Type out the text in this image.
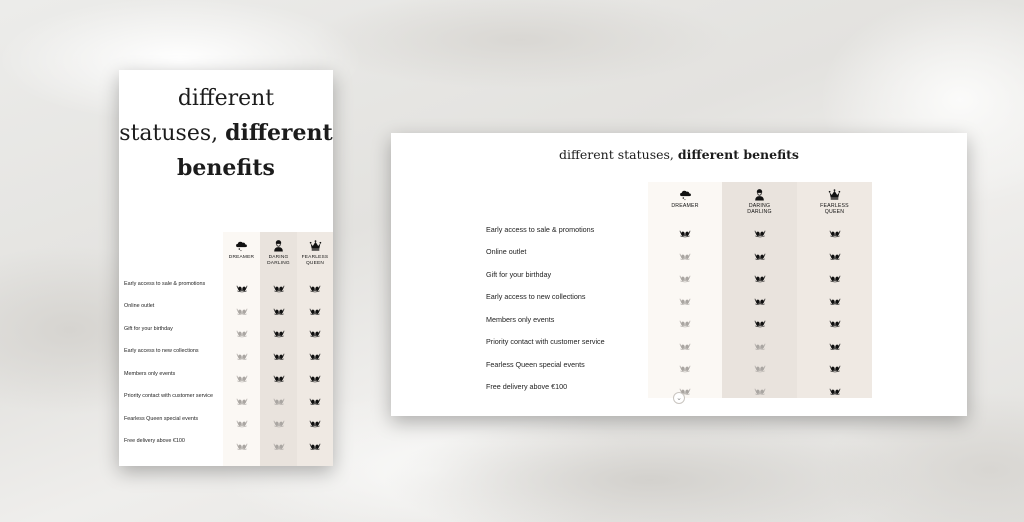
different
statuses, different
benefits
DREAMER	DARING
DARLING
FEARLESS
QUEEN
Early access to sale & promotions
Online outlet
Gift for your birthday
Early access to new collections
Members only events
Priority contact with customer service
Fearless Queen special events
Free delivery above €100
different statuses, different benefits
DREAMER	DARING
DARLING
FEARLESS
QUEEN
Early access to sale & promotions
Online outlet
Gift for your birthday
Early access to new collections
Members only events
Priority contact with customer service
Fearless Queen special events
Free delivery above €100
⌄
